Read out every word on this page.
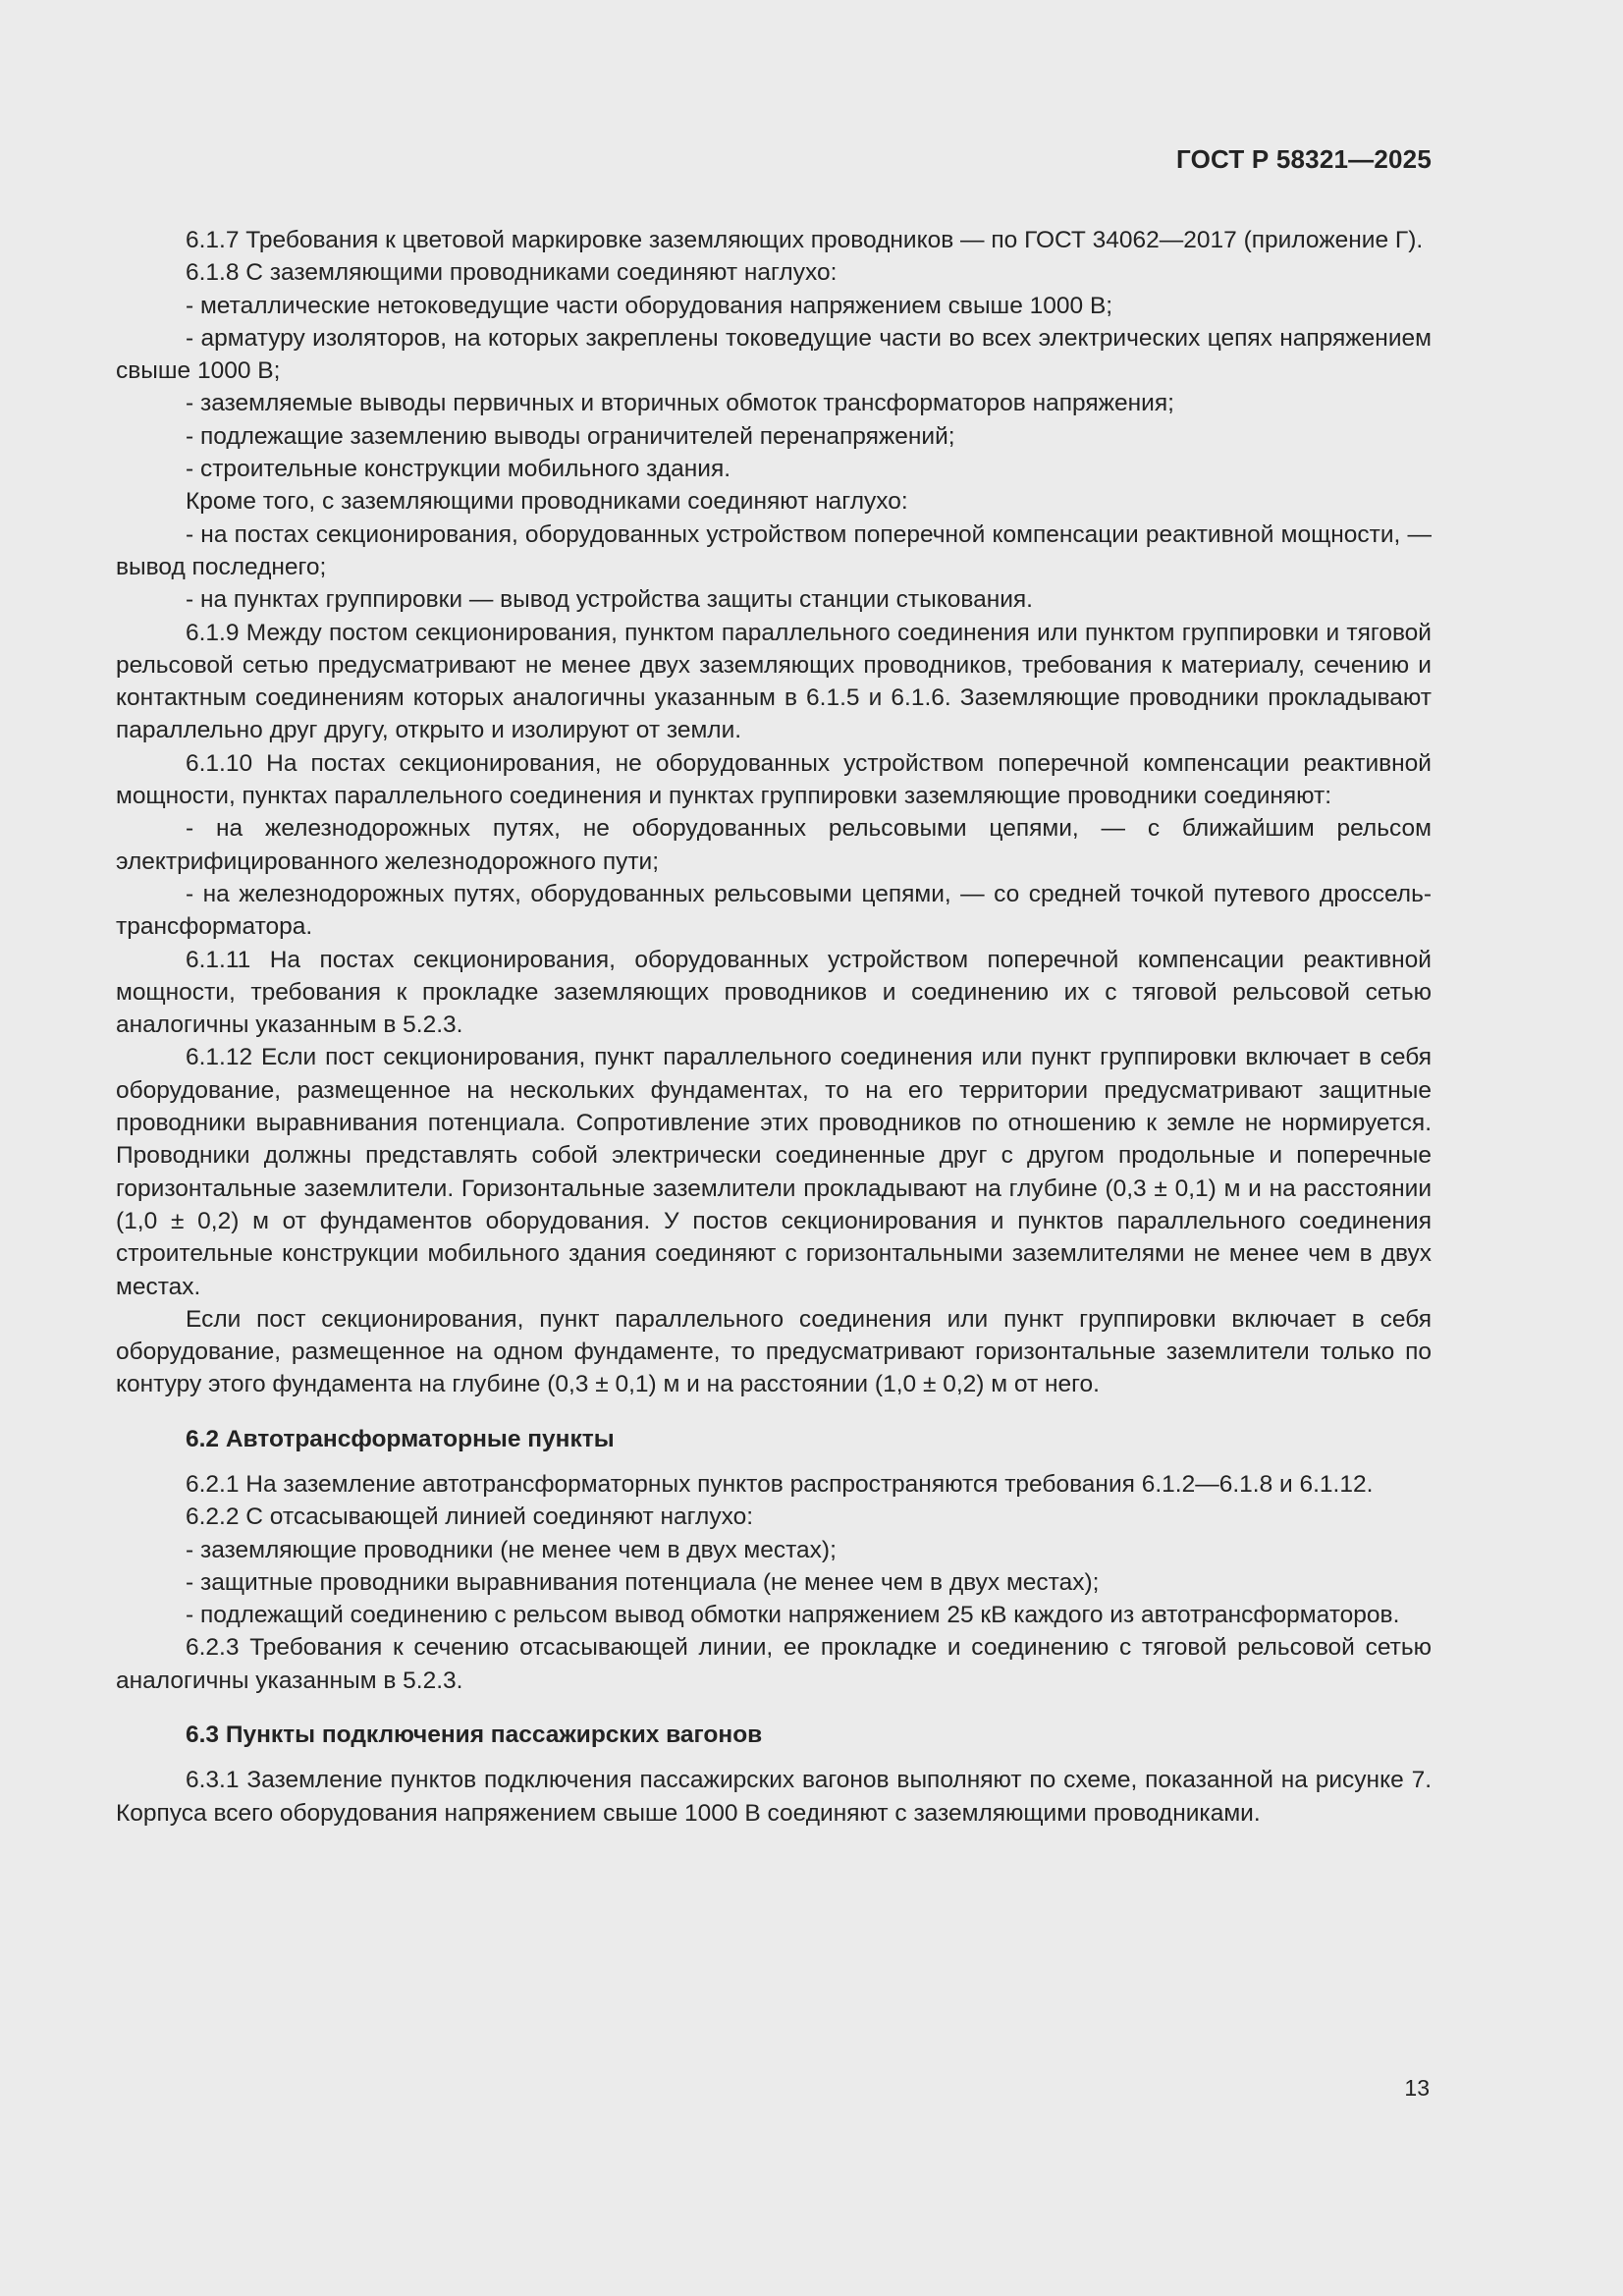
ГОСТ Р 58321—2025

6.1.7 Требования к цветовой маркировке заземляющих проводников — по ГОСТ 34062—2017 (приложение Г).

6.1.8 С заземляющими проводниками соединяют наглухо:

- металлические нетоковедущие части оборудования напряжением свыше 1000 В;

- арматуру изоляторов, на которых закреплены токоведущие части во всех электрических цепях напряжением свыше 1000 В;

- заземляемые выводы первичных и вторичных обмоток трансформаторов напряжения;

- подлежащие заземлению выводы ограничителей перенапряжений;

- строительные конструкции мобильного здания.

Кроме того, с заземляющими проводниками соединяют наглухо:

- на постах секционирования, оборудованных устройством поперечной компенсации реактивной мощности, — вывод последнего;

- на пунктах группировки — вывод устройства защиты станции стыкования.

6.1.9 Между постом секционирования, пунктом параллельного соединения или пунктом группировки и тяговой рельсовой сетью предусматривают не менее двух заземляющих проводников, требования к материалу, сечению и контактным соединениям которых аналогичны указанным в 6.1.5 и 6.1.6. Заземляющие проводники прокладывают параллельно друг другу, открыто и изолируют от земли.

6.1.10 На постах секционирования, не оборудованных устройством поперечной компенсации реактивной мощности, пунктах параллельного соединения и пунктах группировки заземляющие проводники соединяют:

- на железнодорожных путях, не оборудованных рельсовыми цепями, — с ближайшим рельсом электрифицированного железнодорожного пути;

- на железнодорожных путях, оборудованных рельсовыми цепями, — со средней точкой путевого дроссель-трансформатора.

6.1.11 На постах секционирования, оборудованных устройством поперечной компенсации реактивной мощности, требования к прокладке заземляющих проводников и соединению их с тяговой рельсовой сетью аналогичны указанным в 5.2.3.

6.1.12 Если пост секционирования, пункт параллельного соединения или пункт группировки включает в себя оборудование, размещенное на нескольких фундаментах, то на его территории предусматривают защитные проводники выравнивания потенциала. Сопротивление этих проводников по отношению к земле не нормируется. Проводники должны представлять собой электрически соединенные друг с другом продольные и поперечные горизонтальные заземлители. Горизонтальные заземлители прокладывают на глубине (0,3 ± 0,1) м и на расстоянии (1,0 ± 0,2) м от фундаментов оборудования. У постов секционирования и пунктов параллельного соединения строительные конструкции мобильного здания соединяют с горизонтальными заземлителями не менее чем в двух местах.

Если пост секционирования, пункт параллельного соединения или пункт группировки включает в себя оборудование, размещенное на одном фундаменте, то предусматривают горизонтальные заземлители только по контуру этого фундамента на глубине (0,3 ± 0,1) м и на расстоянии (1,0 ± 0,2) м от него.

6.2 Автотрансформаторные пункты

6.2.1 На заземление автотрансформаторных пунктов распространяются требования 6.1.2—6.1.8 и 6.1.12.

6.2.2 С отсасывающей линией соединяют наглухо:

- заземляющие проводники (не менее чем в двух местах);

- защитные проводники выравнивания потенциала (не менее чем в двух местах);

- подлежащий соединению с рельсом вывод обмотки напряжением 25 кВ каждого из автотрансформаторов.

6.2.3 Требования к сечению отсасывающей линии, ее прокладке и соединению с тяговой рельсовой сетью аналогичны указанным в 5.2.3.

6.3 Пункты подключения пассажирских вагонов

6.3.1 Заземление пунктов подключения пассажирских вагонов выполняют по схеме, показанной на рисунке 7. Корпуса всего оборудования напряжением свыше 1000 В соединяют с заземляющими проводниками.

13
